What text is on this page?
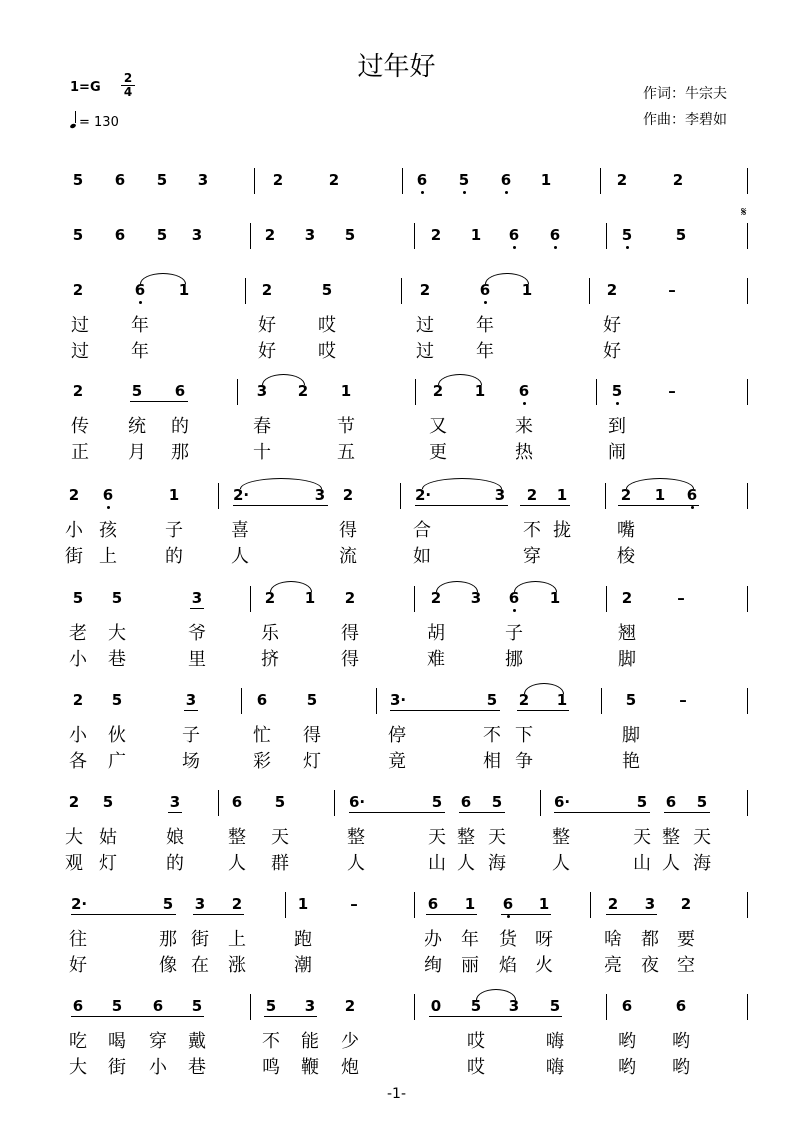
过年好
1=G
2
4
= 130
作词：牛宗夫
作曲：李碧如
𝄋
5 6 5 3	2	2	6 5 6 1	2	2
5 6 5 3	2 3 5	2 1 6 6	5	5
2	6 1	2	5	2	6 1	2	–
过 年	好 哎	过 年	好
过 年	好 哎	过 年	好
2	5 6	3 2 1	2 1 6	5	–
传 统 的	春	节	又	来	到
正 月 那	十	五	更	热	闹
2 6	1	2·	3 2	2·	3 2 1	2 1 6
小 孩	子	喜	得	合	不 拢	嘴
街 上	的	人	流	如	穿	梭
5 5	3	2 1 2	2 3 6 1	2	–
老 大	爷	乐	得	胡	子	翘
小 巷	里	挤	得	难	挪	脚
2 5	3	6	5	3·	5 2 1	5	–
小 伙	子	忙 得	停	不 下	脚
各 广	场	彩 灯	竟	相 争	艳
2 5	3	6 5	6·	5 6 5	6·	5 6 5
大 姑	娘 整 天	整	天 整 天	整	天 整 天
观 灯	的 人 群	人	山 人 海	人	山 人 海
2·	5 3 2	1	–	6 1 6 1	2 3 2
往	那 街 上	跑	办 年 货 呀	啥 都 要
好	像 在 涨	潮	绚 丽 焰 火	亮 夜 空
6 5 6 5	5 3 2	0 5 3 5	6	6
吃 喝 穿 戴	不 能 少	哎	嗨	哟 哟
大 街 小 巷	鸣 鞭 炮	哎	嗨	哟 哟
-1-
